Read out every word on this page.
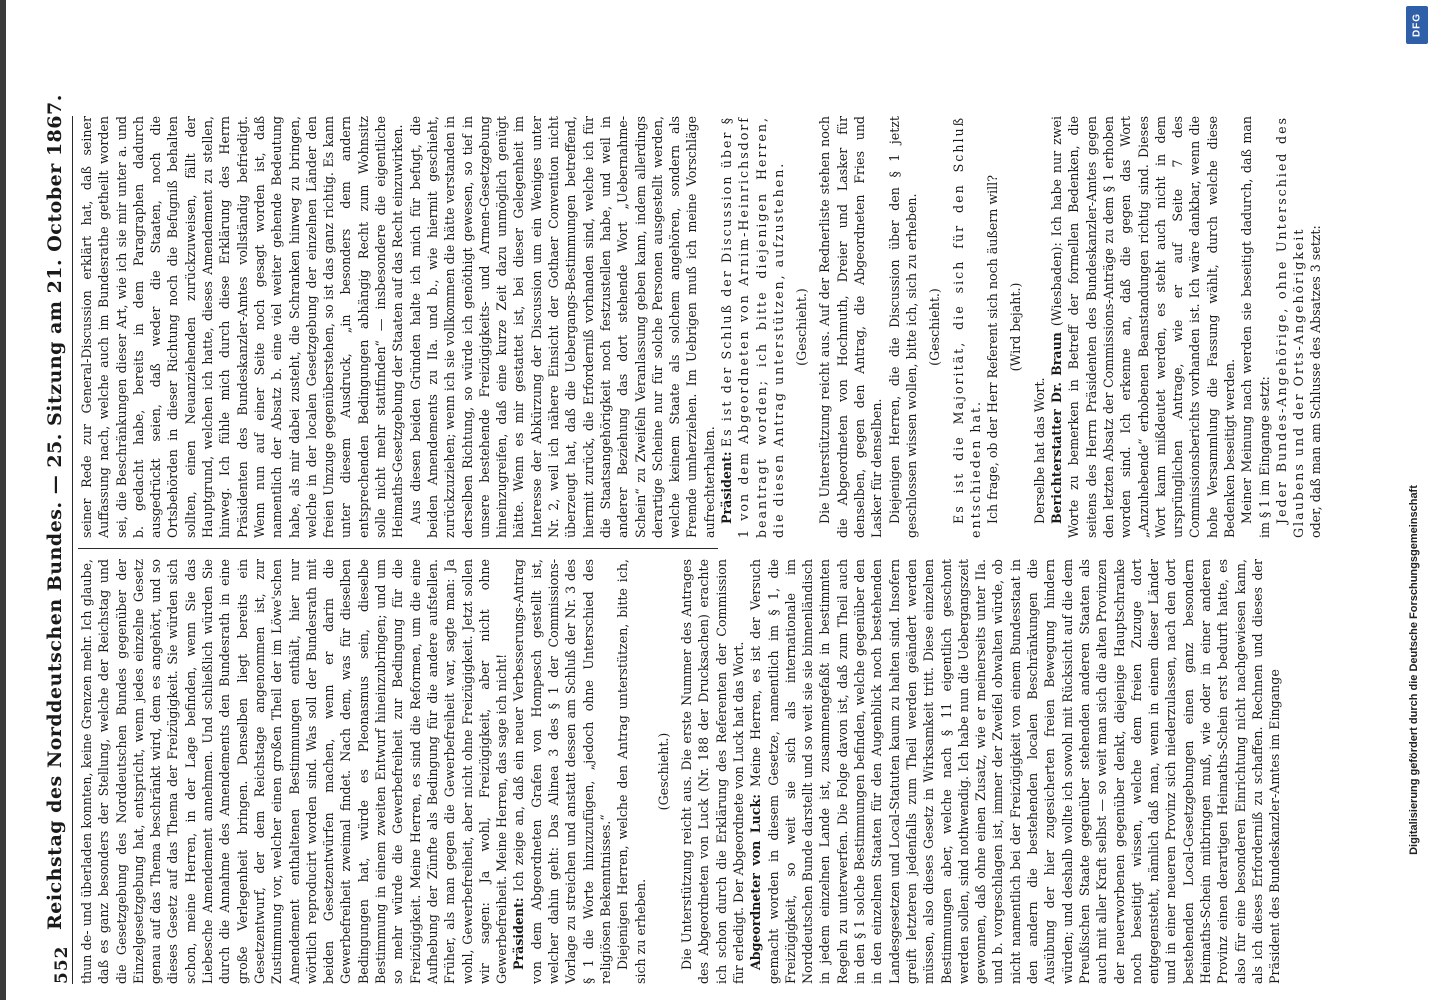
552
Reichstag des Norddeutschen Bundes. — 25. Sitzung am 21. October 1867. thun de- und überladen konnten, keine Grenzen mehr. Ich glaube, daß es ganz besonders der Stellung, welche der Reichstag und die Gesetzgebung des Norddeutschen Bundes gegenüber der Einzelgesetzgebung hat, entspricht, wenn jedes einzelne Gesetz genau auf das Thema beschränkt wird, dem es angehört, und so dieses Gesetz auf das Thema der Freizügigkeit. Sie würden sich schon, meine Herren, in der Lage befinden, wenn Sie das Liebesche Amendement annehmen. Und schließlich würden Sie durch die Annahme des Amendements den Bundesrath in eine große Verlegenheit bringen. Denselben liegt bereits ein Gesetzentwurf, der dem Reichstage angenommen ist, zur Zustimmung vor, welcher einen großen Theil der im Löwe'schen Amendement enthaltenen Bestimmungen enthält, hier nur wörtlich reproducirt worden sind. Was soll der Bundesrath mit beiden Gesetzentwürfen machen, wenn er darin die Gewerbefreiheit zweimal findet. Nach dem, was für dieselben Bedingungen hat, würde es Pleonasmus sein, dieselbe Bestimmung in einem zweiten Entwurf hineinzubringen; und um so mehr würde die Gewerbefreiheit zur Bedingung für die Freizügigkeit. Meine Herren, es sind die Reformen, um die eine Aufhebung der Zünfte als Bedingung für die andere aufstellen. Früher, als man gegen die Gewerbefreiheit war, sagte man: Ja wohl, Gewerbefreiheit, aber nicht ohne Freizügigkeit. Jetzt sollen wir sagen: Ja wohl, Freizügigkeit, aber nicht ohne Gewerbefreiheit. Meine Herren, das sage ich nicht! Präsident: Ich zeige an, daß ein neuer Verbesserungs-Antrag von dem Abgeordneten Grafen von Hompesch gestellt ist, welcher dahin geht: Das Alinea 3 des § 1 der Commissions-Vorlage zu streichen und anstatt dessen am Schluß der Nr. 3 des § 1 die Worte hinzuzufügen, „jedoch ohne Unterschied des religiösen Bekenntnisses.“ Diejenigen Herren, welche den Antrag unterstützen, bitte ich, sich zu erheben.

(Geschieht.) Die Unterstützung reicht aus. Die erste Nummer des Antrages des Abgeordneten von Luck (Nr. 188 der Drucksachen) erachte ich schon durch die Erklärung des Referenten der Commission für erledigt. Der Abgeordnete von Luck hat das Wort. Abgeordneter von Luck: Meine Herren, es ist der Versuch gemacht worden in diesem Gesetze, namentlich im § 1, die Freizügigkeit, so weit sie sich als internationale im Norddeutschen Bunde darstellt und so weit sie sie binnenländisch in jedem einzelnen Lande ist, zusammengefaßt in bestimmten Regeln zu unterwerfen. Die Folge davon ist, daß zum Theil auch in den § 1 solche Bestimmungen befinden, welche gegenüber den in den einzelnen Staaten für den Augenblick noch bestehenden Landesgesetzen und Local-Statuten kaum zu halten sind. Insofern greift letzteren jedenfalls zum Theil werden geändert werden müssen, also dieses Gesetz in Wirksamkeit tritt. Diese einzelnen Bestimmungen aber, welche nach § 11 eigentlich geschont werden sollen, sind nothwendig. Ich habe nun die Uebergangszeit gewonnen, daß ohne einen Zusatz, wie er meinerseits unter IIa. und b. vorgeschlagen ist, immer der Zweifel obwalten würde, ob nicht namentlich bei der Freizügigkeit von einem Bundesstaat in den andern die bestehenden localen Beschränkungen die Ausübung der hier zugesicherten freien Bewegung hindern würden; und deshalb wollte ich sowohl mit Rücksicht auf die dem Preußischen Staate gegenüber stehenden anderen Staaten als auch mit aller Kraft selbst — so weit man sich die alten Provinzen der neuerworbenen gegenüber denkt, diejenige Hauptschranke noch beseitigt wissen, welche dem freien Zuzuge dort entgegensteht, nämlich daß man, wenn in einem dieser Länder und in einer neueren Provinz sich niederzulassen, nach den dort bestehenden Local-Gesetzgebungen einen ganz besondern Heimaths-Schein mitbringen muß, wie oder in einer anderen Provinz einen derartigen Heimaths-Schein erst bedurft hatte, es also für eine besonderen Einrichtung nicht nachgewiesen kann, als ich dieses Erforderniß zu schaffen. Rechnen und dieses der Präsident des Bundeskanzler-Amtes im Eingange

seiner Rede zur General-Discussion erklärt hat, daß seiner Auffassung nach, welche auch im Bundesrathe getheilt worden sei, die Beschränkungen dieser Art, wie ich sie mir unter a. und b. gedacht habe, bereits in dem Paragraphen dadurch ausgedrückt seien, daß weder die Staaten, noch die Ortsbehörden in dieser Richtung noch die Befugniß behalten sollten, einen Neuanziehenden zurückzuweisen, fällt der Hauptgrund, welchen ich hatte, dieses Amendement zu stellen, hinweg. Ich fühle mich durch diese Erklärung des Herrn Präsidenten des Bundeskanzler-Amtes vollständig befriedigt. Wenn nun auf einer Seite noch gesagt worden ist, daß namentlich der Absatz b. eine viel weiter gehende Bedeutung habe, als mir dabei zusteht, die Schranken hinweg zu bringen, welche in der localen Gesetzgebung der einzelnen Länder den freien Umzuge gegenüberstehen, so ist das ganz richtig. Es kann unter diesem Ausdruck, „in besonders dem andern entsprechenden Bedingungen abhängig Recht zum Wohnsitz solle nicht mehr stattfinden“ — insbesondere die eigentliche Heimaths-Gesetzgebung der Staaten auf das Recht einzuwirken. Aus diesen beiden Gründen halte ich mich für befugt, die beiden Amendements zu IIa. und b., wie hiermit geschieht, zurückzuziehen; wenn ich sie vollkommen die hätte verstanden in derselben Richtung, so würde ich genöthigt gewesen, so tief in unsere bestehende Freizügigkeits- und Armen-Gesetzgebung hineinzugreifen, daß eine kurze Zeit dazu unmöglich genügt hätte. Wenn es mir gestattet ist, bei dieser Gelegenheit im Interesse der Abkürzung der Discussion um ein Weniges unter Nr. 2, weil ich nähere Einsicht der Gothaer Convention nicht überzeugt hat, daß die Uebergangs-Bestimmungen betreffend, hiermit zurück, die Erforderniß vorhanden sind, welche ich für die Staatsangehörigkeit noch festzustellen habe, und weil in anderer Beziehung das dort stehende Wort „Uebernahme-Schein“ zu Zweifeln Veranlassung geben kann, indem allerdings derartige Scheine nur für solche Personen ausgestellt werden, welche keinem Staate als solchem angehören, sondern als Fremde umherziehen. Im Uebrigen muß ich meine Vorschläge aufrechterhalten. Präsident: Es ist der Schluß der Discussion über § 1 von dem Abgeordneten von Arnim-Heinrichsdorf beantragt worden; ich bitte diejenigen Herren, die diesen Antrag unterstützen, aufzustehen. (Geschieht.) Die Unterstützung reicht aus. Auf der Rednerliste stehen noch die Abgeordneten von Hochmuth, Dreier und Lasker für denselben, gegen den Antrag, die Abgeordneten Fries und Lasker für denselben. Diejenigen Herren, die die Discussion über den § 1 jetzt geschlossen wissen wollen, bitte ich, sich zu erheben. (Geschieht.) Es ist die Majorität, die sich für den Schluß entschieden hat. Ich frage, ob der Herr Referent sich noch äußern will? (Wird bejaht.)

Derselbe hat das Wort. Berichterstatter Dr. Braun (Wiesbaden): Ich habe nur zwei Worte zu bemerken in Betreff der formellen Bedenken, die seitens des Herrn Präsidenten des Bundeskanzler-Amtes gegen den letzten Absatz der Commissions-Anträge zu dem § 1 erhoben worden sind. Ich erkenne an, daß die gegen das Wort „Anzuhebende“ erhobenen Beanstandungen richtig sind. Dieses Wort kann mißdeutet werden, es steht auch nicht in dem ursprünglichen Antrage, wie er auf Seite 7 des Commissionsberichts vorhanden ist. Ich wäre dankbar, wenn die hohe Versammlung die Fassung wählt, durch welche diese Bedenken beseitigt werden. Meiner Meinung nach werden sie beseitigt dadurch, daß man im § 1 im Eingange setzt: Jeder Bundes-Angehörige, ohne Unterschied des Glaubens und der Orts-Angehörigkeit oder, daß man am Schlusse des Absatzes 3 setzt:

DFG
Digitalisierung gefördert durch die Deutsche Forschungsgemeinschaft
